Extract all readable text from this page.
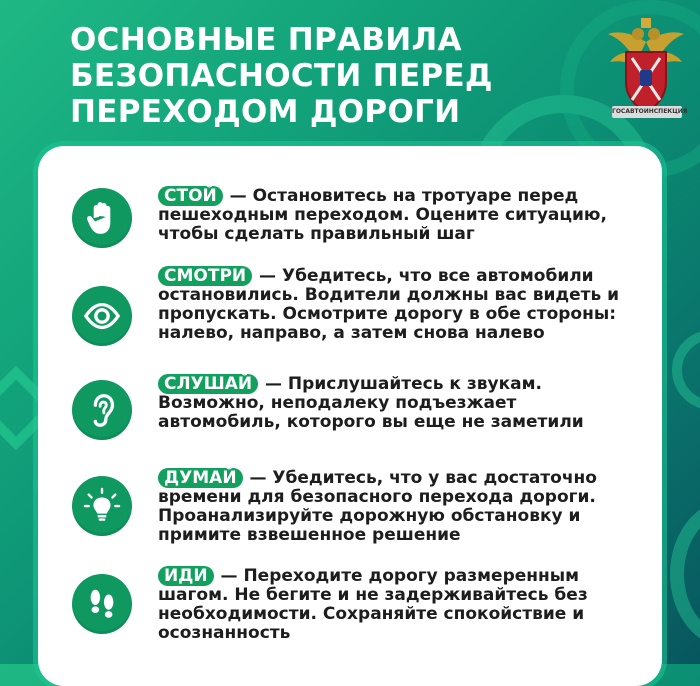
ОСНОВНЫЕ ПРАВИЛА БЕЗОПАСНОСТИ ПЕРЕД ПЕРЕХОДОМ ДОРОГИ	ГОСАВТОИНСПЕКЦИЯ

СТОЙ — Остановитесь на тротуаре перед пешеходным переходом. Оцените ситуацию, чтобы сделать правильный шаг

СМОТРИ — Убедитесь, что все автомобили остановились. Водители должны вас видеть и пропускать. Осмотрите дорогу в обе стороны: налево, направо, а затем снова налево

СЛУШАЙ — Прислушайтесь к звукам. Возможно, неподалеку подъезжает автомобиль, которого вы еще не заметили

ДУМАЙ — Убедитесь, что у вас достаточно времени для безопасного перехода дороги. Проанализируйте дорожную обстановку и примите взвешенное решение

ИДИ — Переходите дорогу размеренным шагом. Не бегите и не задерживайтесь без необходимости. Сохраняйте спокойствие и осознанность
